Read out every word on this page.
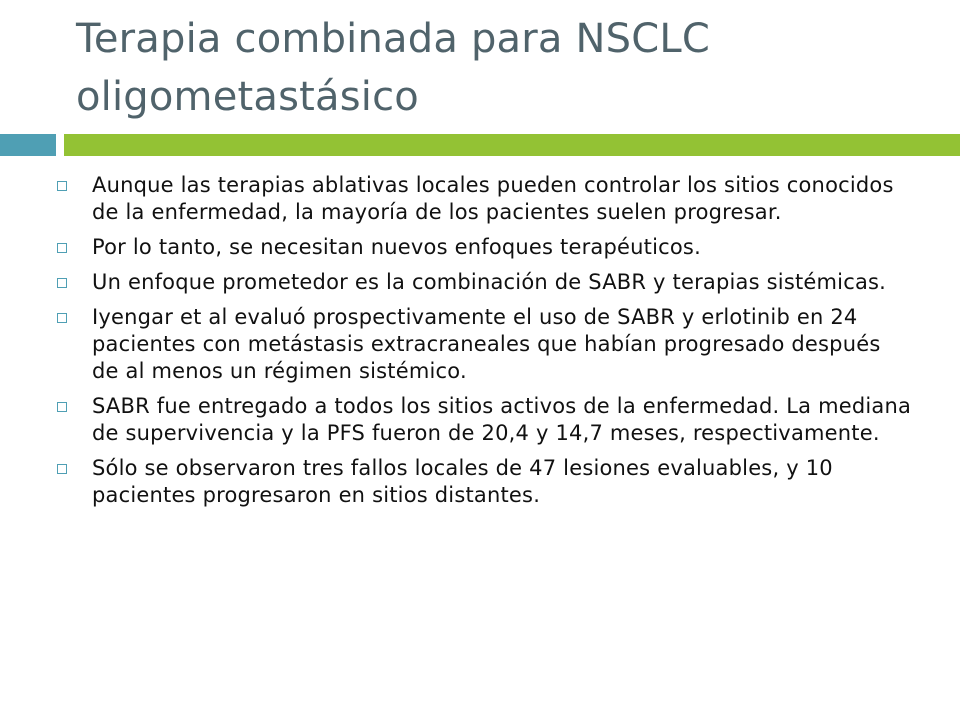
Terapia combinada para NSCLC oligometastásico
Aunque las terapias ablativas locales pueden controlar los sitios conocidos de la enfermedad, la mayoría de los pacientes suelen progresar.
Por lo tanto, se necesitan nuevos enfoques terapéuticos.
Un enfoque prometedor es la combinación de SABR y terapias sistémicas.
Iyengar et al evaluó prospectivamente el uso de SABR y erlotinib en 24 pacientes con metástasis extracraneales que habían progresado después de al menos un régimen sistémico.
SABR fue entregado a todos los sitios activos de la enfermedad. La mediana de supervivencia y la PFS fueron de 20,4 y 14,7 meses, respectivamente.
Sólo se observaron tres fallos locales de 47 lesiones evaluables, y 10 pacientes progresaron en sitios distantes.
